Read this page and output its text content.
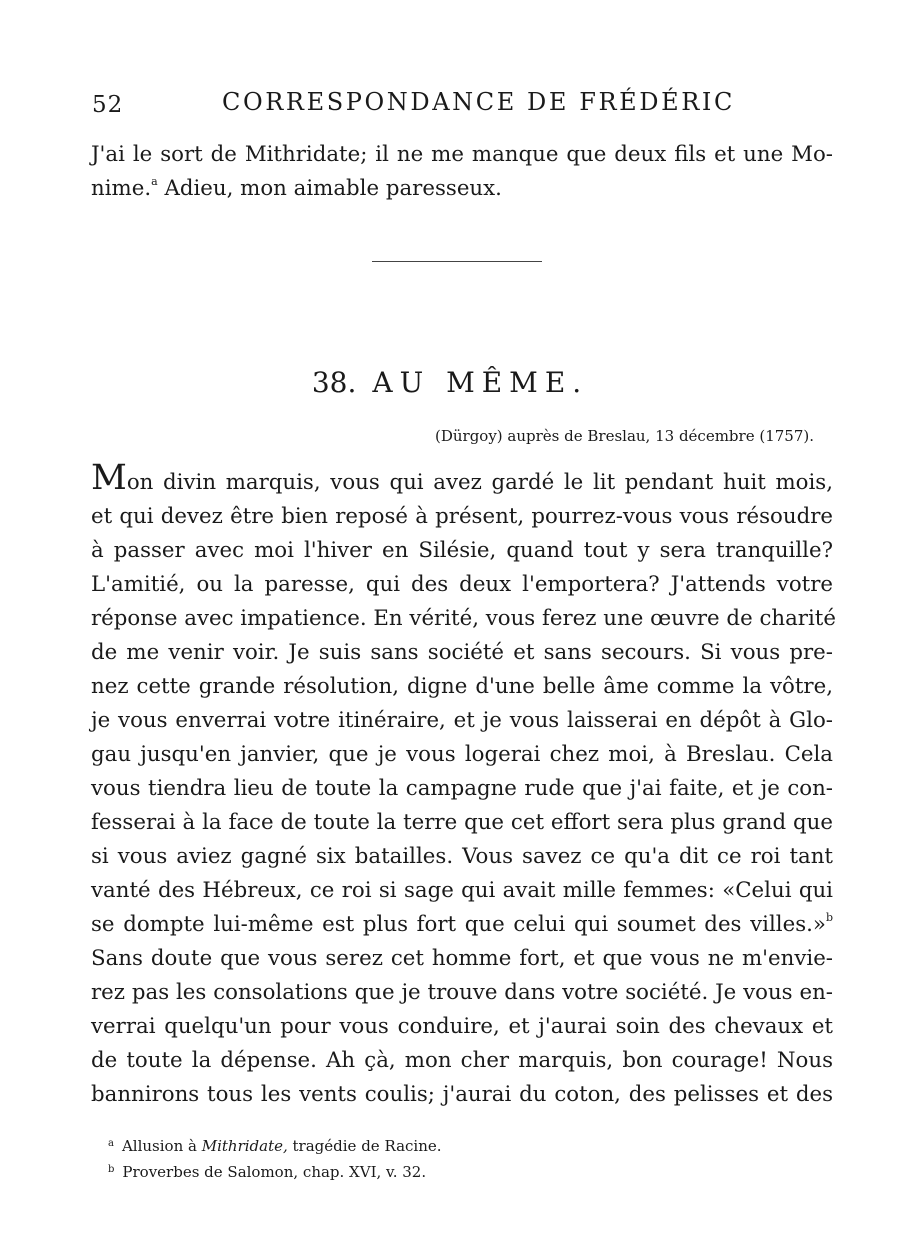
52	CORRESPONDANCE DE FRÉDÉRIC
J'ai le sort de Mithridate; il ne me manque que deux fils et une Mo-
nime.$^a$ Adieu, mon aimable paresseux.
38. AU MÊME.
(Dürgoy) auprès de Breslau, 13 décembre (1757).
Mon divin marquis, vous qui avez gardé le lit pendant huit mois,
et qui devez être bien reposé à présent, pourrez-vous vous résoudre
à passer avec moi l'hiver en Silésie, quand tout y sera tranquille?
L'amitié, ou la paresse, qui des deux l'emportera? J'attends votre
réponse avec impatience. En vérité, vous ferez une œuvre de charité
de me venir voir. Je suis sans société et sans secours. Si vous pre-
nez cette grande résolution, digne d'une belle âme comme la vôtre,
je vous enverrai votre itinéraire, et je vous laisserai en dépôt à Glo-
gau jusqu'en janvier, que je vous logerai chez moi, à Breslau. Cela
vous tiendra lieu de toute la campagne rude que j'ai faite, et je con-
fesserai à la face de toute la terre que cet effort sera plus grand que
si vous aviez gagné six batailles. Vous savez ce qu'a dit ce roi tant
vanté des Hébreux, ce roi si sage qui avait mille femmes: «Celui qui
se dompte lui-même est plus fort que celui qui soumet des villes.»$^b$
Sans doute que vous serez cet homme fort, et que vous ne m'envie-
rez pas les consolations que je trouve dans votre société. Je vous en-
verrai quelqu'un pour vous conduire, et j'aurai soin des chevaux et
de toute la dépense. Ah çà, mon cher marquis, bon courage! Nous
bannirons tous les vents coulis; j'aurai du coton, des pelisses et des
$^a$ Allusion à Mithridate, tragédie de Racine.
$^b$ Proverbes de Salomon, chap. XVI, v. 32.
